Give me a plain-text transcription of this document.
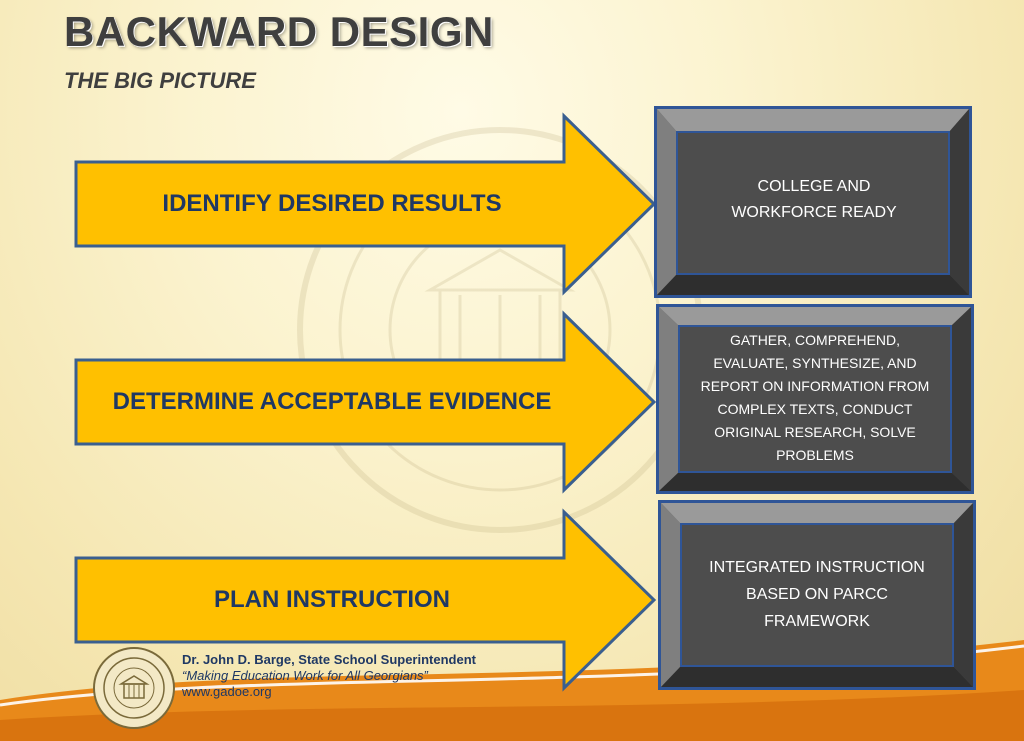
BACKWARD DESIGN
THE BIG PICTURE
IDENTIFY DESIRED RESULTS
DETERMINE ACCEPTABLE EVIDENCE
PLAN INSTRUCTION
COLLEGE AND WORKFORCE READY
GATHER, COMPREHEND, EVALUATE, SYNTHESIZE, AND REPORT ON INFORMATION FROM COMPLEX TEXTS, CONDUCT ORIGINAL RESEARCH, SOLVE PROBLEMS
INTEGRATED INSTRUCTION BASED ON PARCC FRAMEWORK
Dr. John D. Barge, State School Superintendent
“Making Education Work for All Georgians”
www.gadoe.org
